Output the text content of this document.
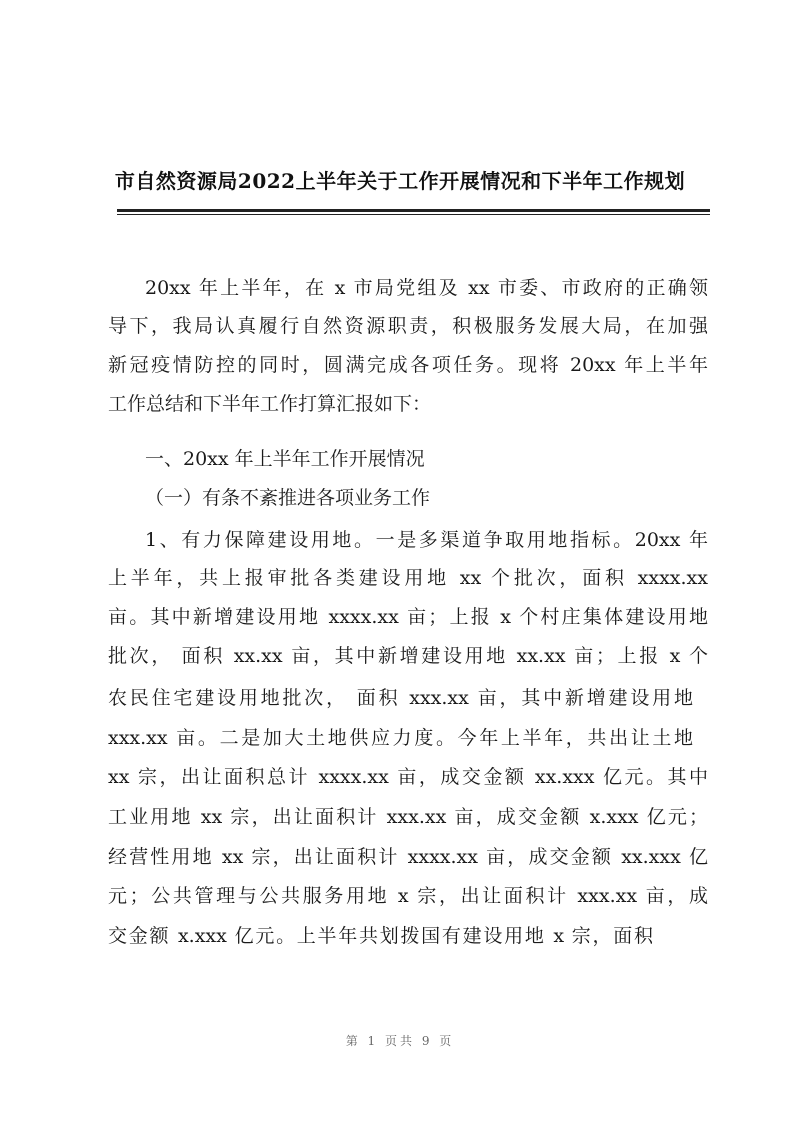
市自然资源局2022上半年关于工作开展情况和下半年工作规划
20xx 年上半年，在 x 市局党组及 xx 市委、市政府的正确领
导下，我局认真履行自然资源职责，积极服务发展大局，在加强
新冠疫情防控的同时，圆满完成各项任务。现将 20xx 年上半年
工作总结和下半年工作打算汇报如下：
一、20xx 年上半年工作开展情况
（一）有条不紊推进各项业务工作
1、有力保障建设用地。一是多渠道争取用地指标。20xx 年
上半年，共上报审批各类建设用地 xx 个批次，面积 xxxx.xx
亩。其中新增建设用地 xxxx.xx 亩；上报 x 个村庄集体建设用地
批次， 面积 xx.xx 亩，其中新增建设用地 xx.xx 亩；上报 x 个
农民住宅建设用地批次， 面积 xxx.xx 亩，其中新增建设用地
xxx.xx 亩。二是加大土地供应力度。今年上半年，共出让土地
xx 宗，出让面积总计 xxxx.xx 亩，成交金额 xx.xxx 亿元。其中
工业用地 xx 宗，出让面积计 xxx.xx 亩，成交金额 x.xxx 亿元；
经营性用地 xx 宗，出让面积计 xxxx.xx 亩，成交金额 xx.xxx 亿
元；公共管理与公共服务用地 x 宗，出让面积计 xxx.xx 亩，成
交金额 x.xxx 亿元。上半年共划拨国有建设用地 x 宗，面积
第 1 页共 9 页
